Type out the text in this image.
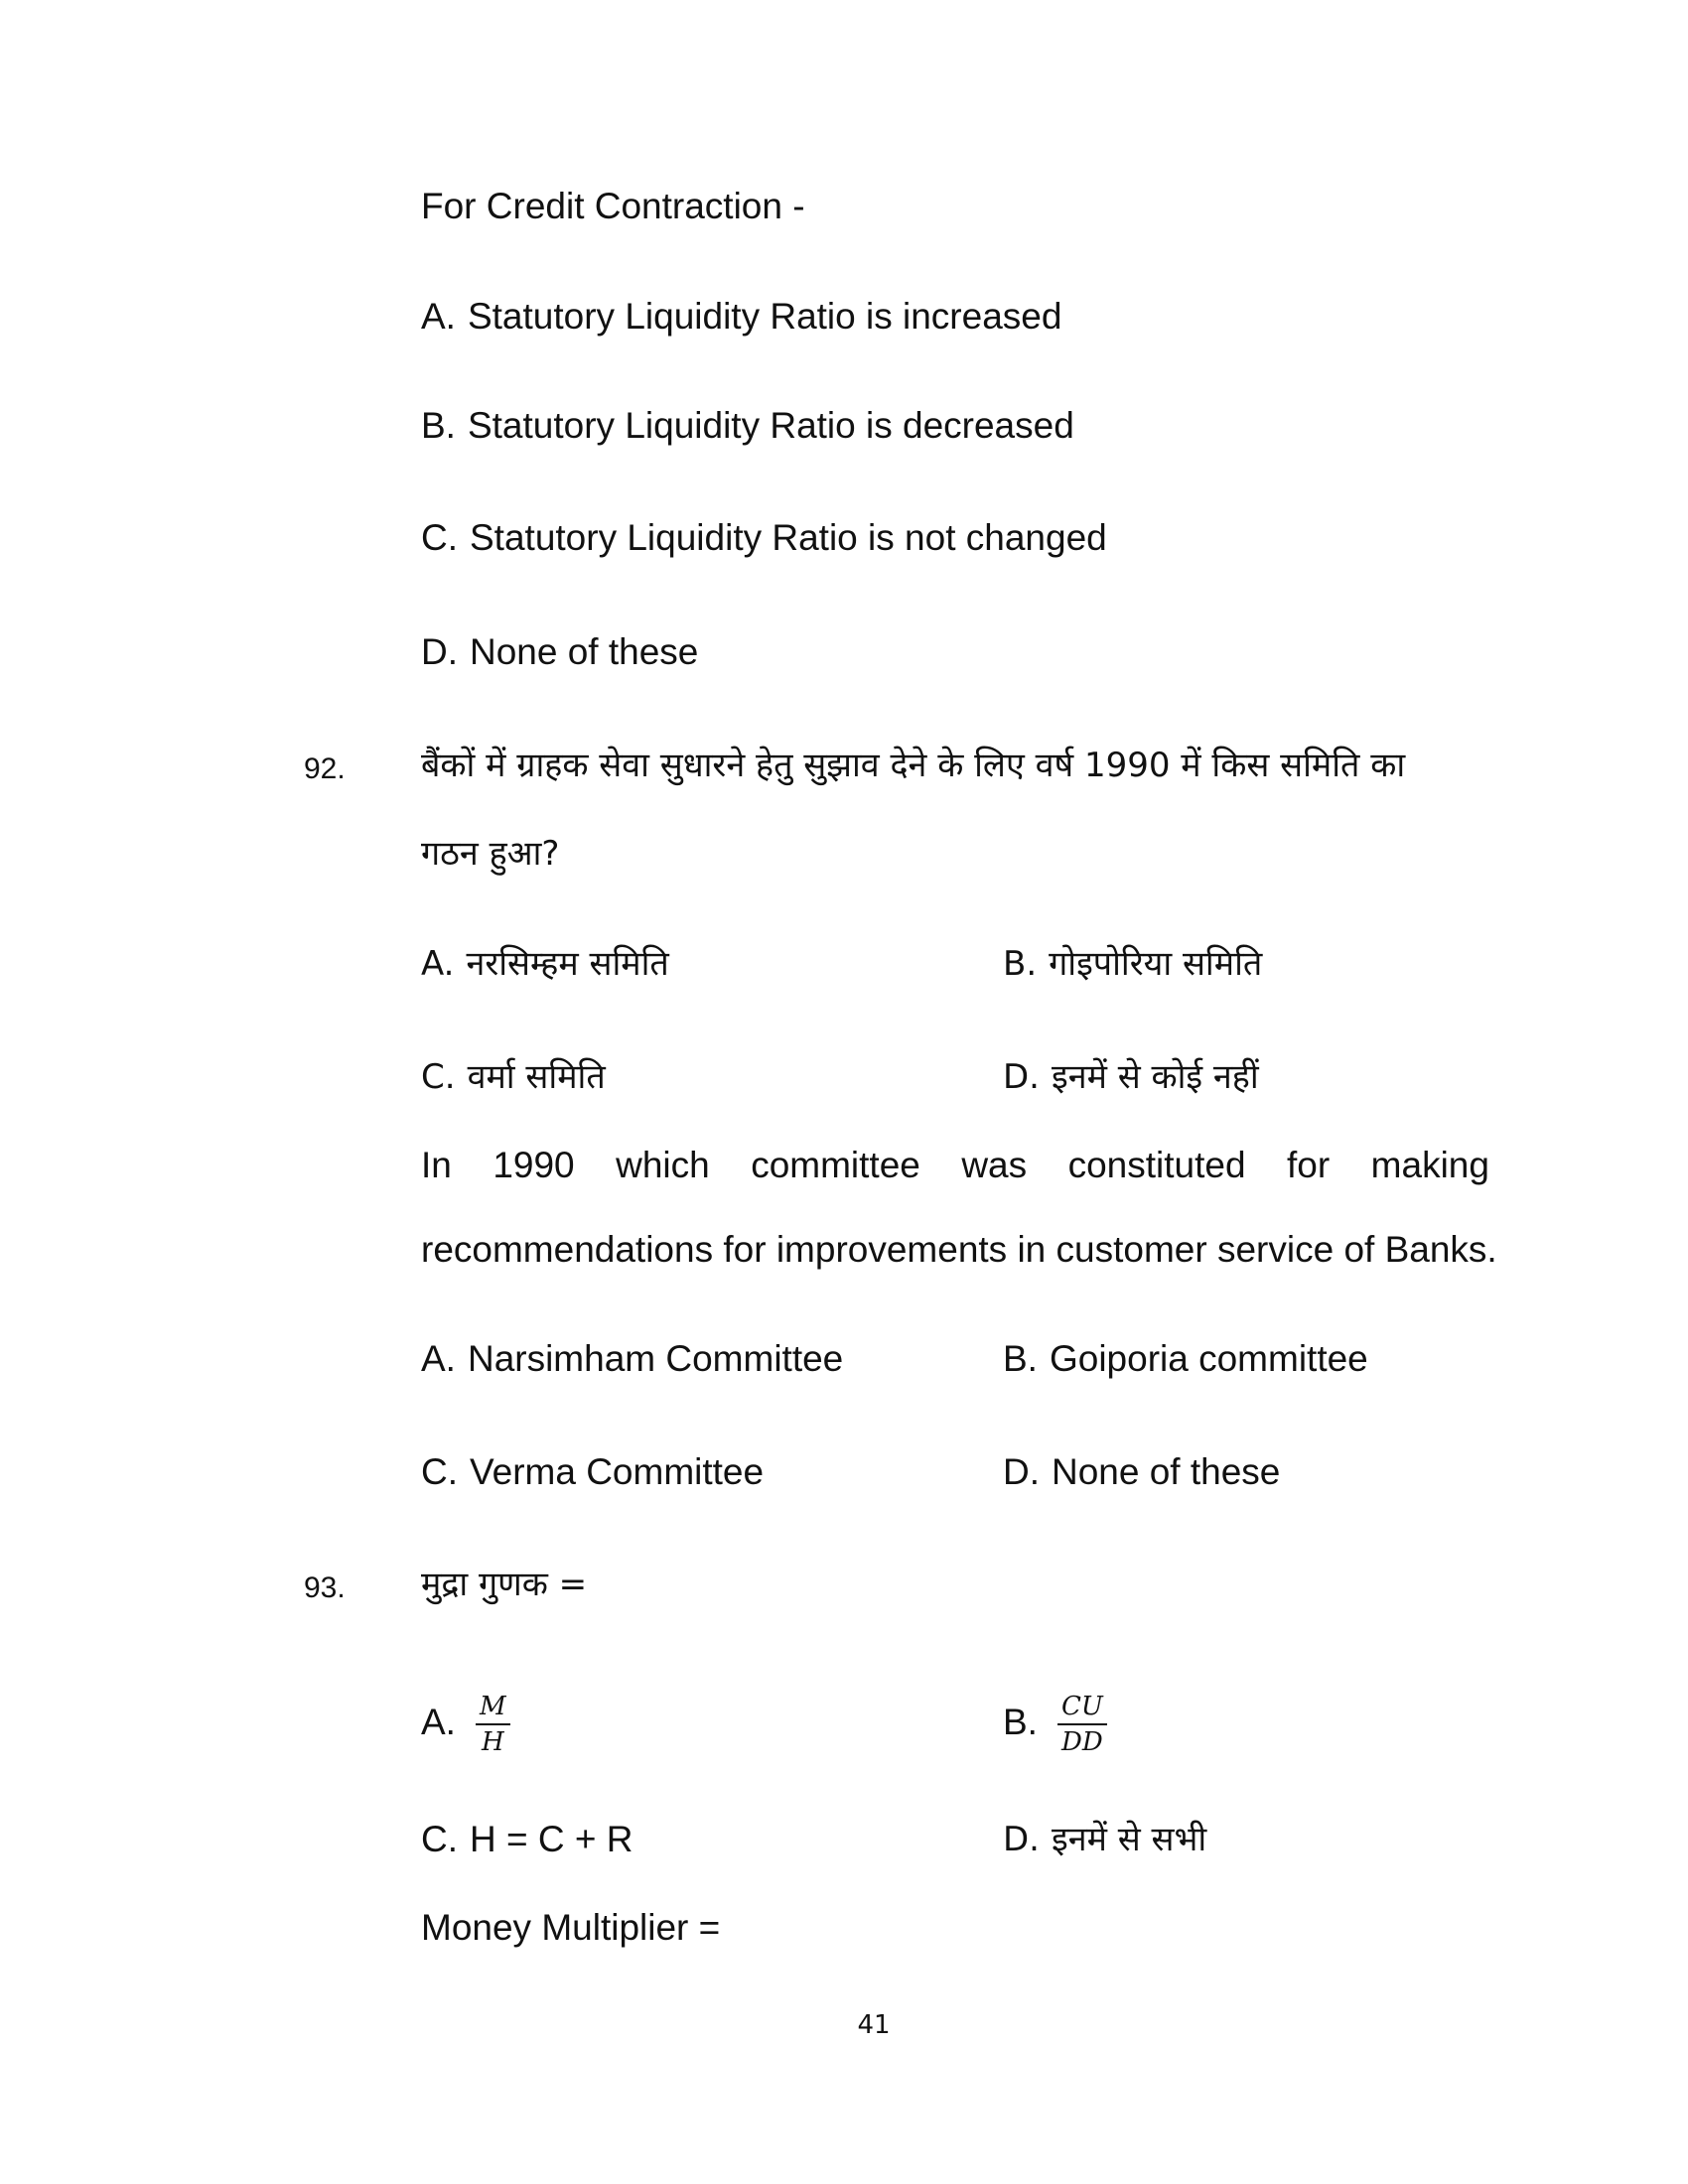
For Credit Contraction -
A. Statutory Liquidity Ratio is increased
B. Statutory Liquidity Ratio is decreased
C. Statutory Liquidity Ratio is not changed
D. None of these
92. बैंकों में ग्राहक सेवा सुधारने हेतु सुझाव देने के लिए वर्ष 1990 में किस समिति का
गठन हुआ?
A. नरसिम्हम समिति	B. गोइपोरिया समिति
C. वर्मा समिति	D. इनमें से कोई नहीं
In 1990 which committee was constituted for making
recommendations for improvements in customer service of Banks.
A. Narsimham Committee	B. Goiporia committee
C. Verma Committee	D. None of these
93. मुद्रा गुणक =
A. $\frac{M}{H}$	B. $\frac{CU}{DD}$
C. H = C + R	D. इनमें से सभी
Money Multiplier =
41
